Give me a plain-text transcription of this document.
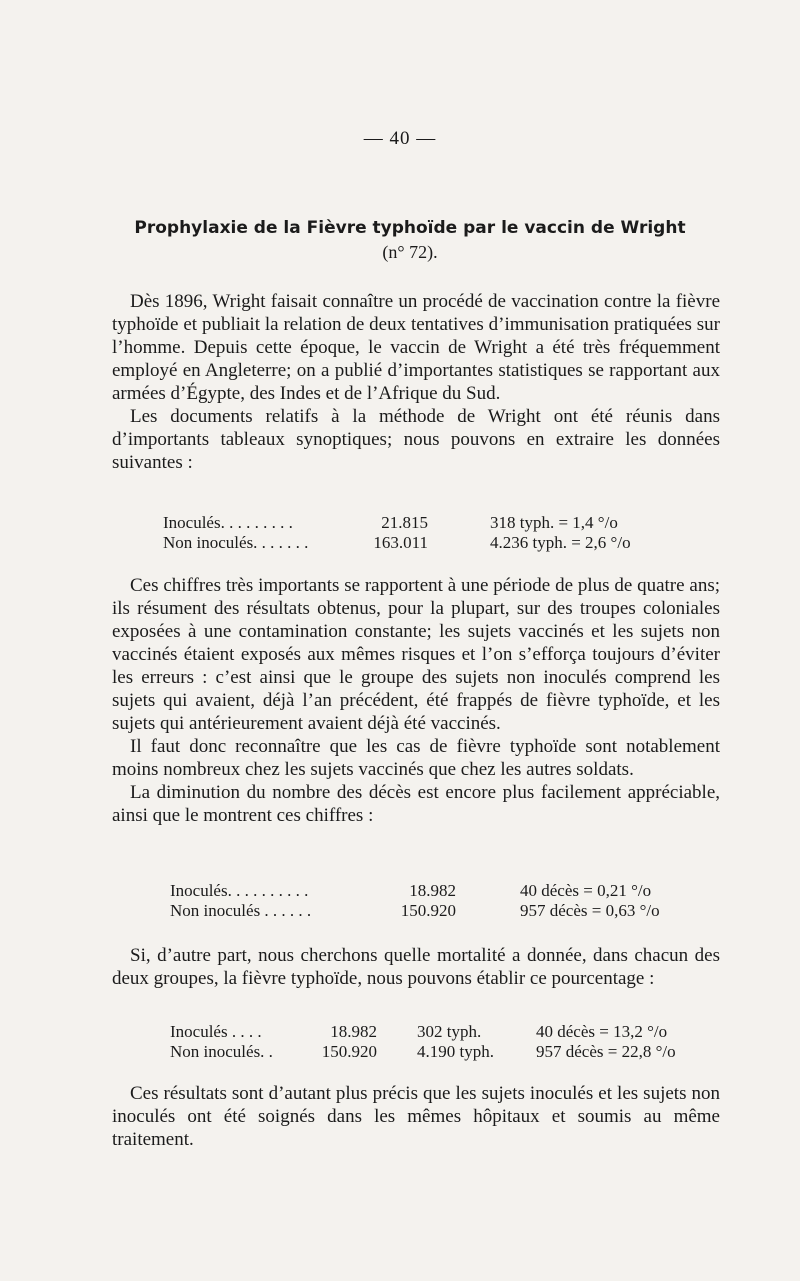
— 40 —
Prophylaxie de la Fièvre typhoïde par le vaccin de Wright
(n° 72).

Dès 1896, Wright faisait connaître un procédé de vaccination contre la fièvre typhoïde et publiait la relation de deux tentatives d’immunisation pratiquées sur l’homme. Depuis cette époque, le vaccin de Wright a été très fréquemment employé en Angleterre; on a publié d’importantes statistiques se rapportant aux armées d’Égypte, des Indes et de l’Afrique du Sud.

Les documents relatifs à la méthode de Wright ont été réunis dans d’importants tableaux synoptiques; nous pouvons en extraire les données suivantes :

Inoculés. . . . . . . . .	21.815	318 typh. = 1,4 °/o
Non inoculés. . . . . . .	163.011	4.236 typh. = 2,6 °/o

Ces chiffres très importants se rapportent à une période de plus de quatre ans; ils résument des résultats obtenus, pour la plupart, sur des troupes coloniales exposées à une contamination constante; les sujets vaccinés et les sujets non vaccinés étaient exposés aux mêmes risques et l’on s’efforça toujours d’éviter les erreurs : c’est ainsi que le groupe des sujets non inoculés comprend les sujets qui avaient, déjà l’an précédent, été frappés de fièvre typhoïde, et les sujets qui antérieurement avaient déjà été vaccinés.

Il faut donc reconnaître que les cas de fièvre typhoïde sont notablement moins nombreux chez les sujets vaccinés que chez les autres soldats.

La diminution du nombre des décès est encore plus facilement appréciable, ainsi que le montrent ces chiffres :

Inoculés. . . . . . . . . .	18.982	40 décès = 0,21 °/o
Non inoculés . . . . . .	150.920	957 décès = 0,63 °/o

Si, d’autre part, nous cherchons quelle mortalité a donnée, dans chacun des deux groupes, la fièvre typhoïde, nous pouvons établir ce pourcentage :

Inoculés . . . .	18.982	302 typh.	40 décès = 13,2 °/o
Non inoculés. .	150.920	4.190 typh.	957 décès = 22,8 °/o

Ces résultats sont d’autant plus précis que les sujets inoculés et les sujets non inoculés ont été soignés dans les mêmes hôpitaux et soumis au même traitement.
